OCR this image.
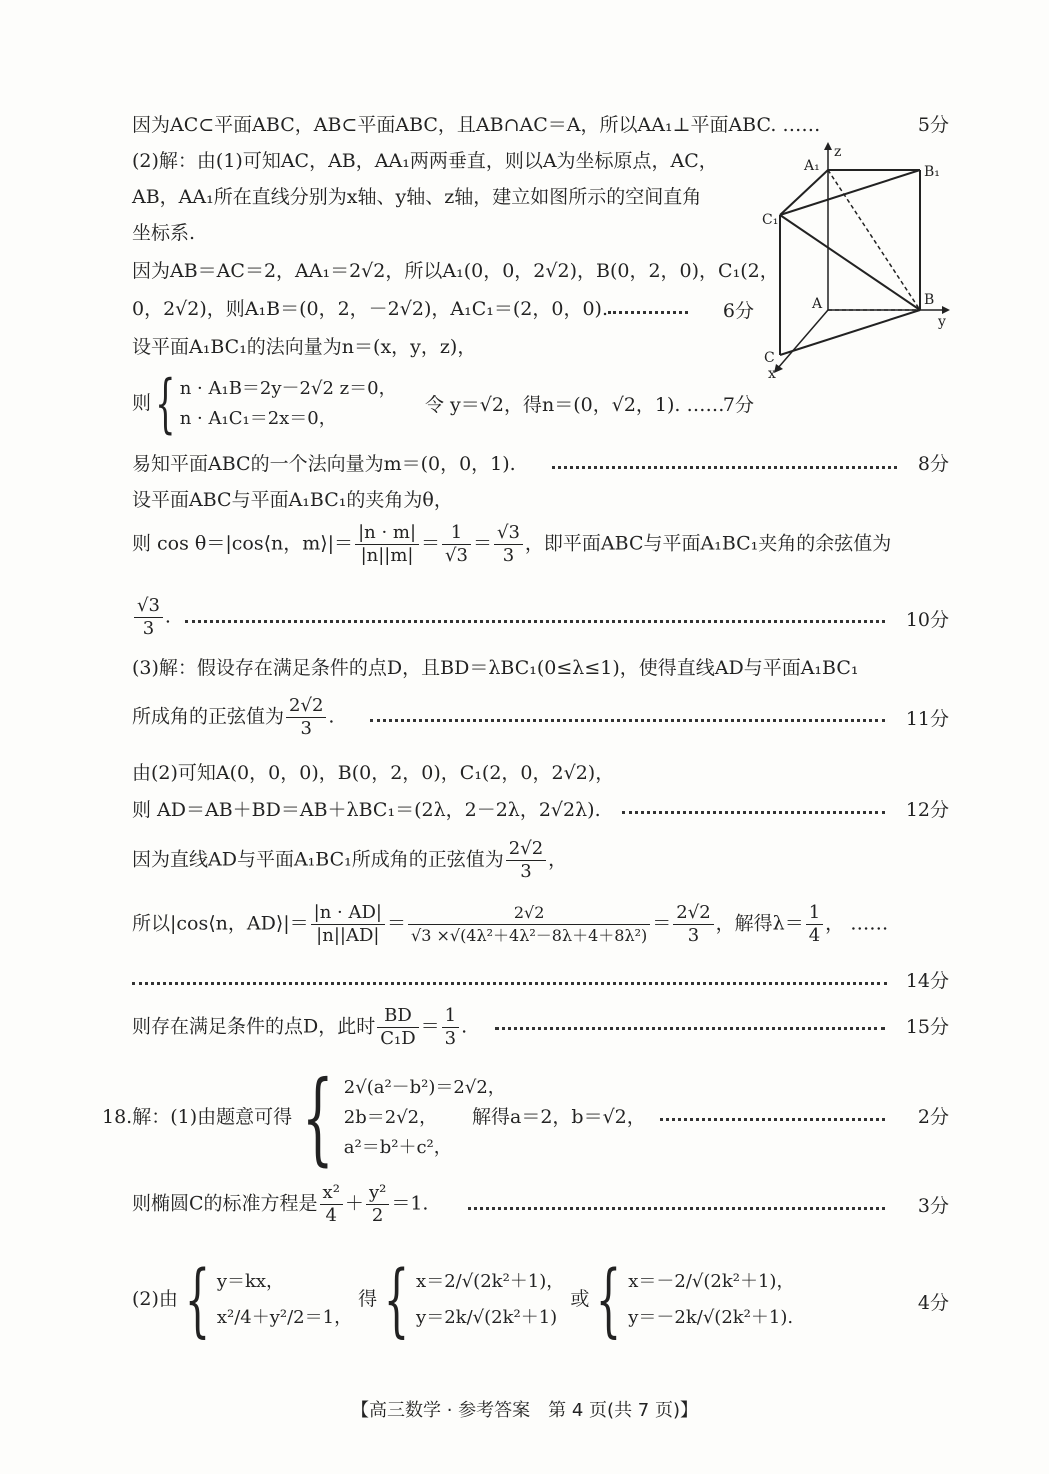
因为AC⊂平面ABC，AB⊂平面ABC，且AB∩AC＝A，所以AA₁⊥平面ABC. ……	5分
(2)解：由(1)可知AC，AB，AA₁两两垂直，则以A为坐标原点，AC，
AB，AA₁所在直线分别为x轴、y轴、z轴，建立如图所示的空间直角
坐标系.
A₁
z
B₁
C₁
A	B
y
C
x
因为AB＝AC＝2，AA₁＝2√2，所以A₁(0，0，2√2)，B(0，2，0)，C₁(2，
0，2√2)，则A₁B＝(0，2，－2√2)，A₁C₁＝(2，0，0).	6分
设平面A₁BC₁的法向量为n＝(x，y，z)，
则{ n · A₁B＝2y－2√2 z＝0，
n · A₁C₁＝2x＝0，
令 y＝√2，得n＝(0，√2，1). ……
7分
易知平面ABC的一个法向量为m＝(0，0，1).	8分
设平面ABC与平面A₁BC₁的夹角为θ，
则 cos θ＝|cos⟨n，m⟩|＝ $\frac{|n \cdot m|}{|n||m|} = \frac{1}{√3} = \frac{√3}{3}$ ，即平面ABC与平面A₁BC₁夹角的余弦值为
$\frac{√3}{3}$ .	10分
(3)解：假设存在满足条件的点D，且BD＝λBC₁(0≤λ≤1)，使得直线AD与平面A₁BC₁
所成角的正弦值为 $\frac{2√2}{3}$ .	11分
由(2)可知A(0，0，0)，B(0，2，0)，C₁(2，0，2√2)，
则 AD＝AB＋BD＝AB＋λBC₁＝(2λ，2－2λ，2√2λ).	12分
因为直线AD与平面A₁BC₁所成角的正弦值为 $\frac{2√2}{3}$ ，
所以|cos⟨n，AD⟩|＝ $\frac{|n \cdot AD|}{|n||AD|} = \frac{2√2}{\text{√3 ×√(4λ²＋4λ²－8λ＋4＋8λ²)}} = \frac{2√2}{3}$ ，解得$\lambda= \frac{1}{4}$ ， ……
14分
则存在满足条件的点D，此时 $\frac{BD}{\text{C₁D}} = \frac{1}{3}$ .	15分
18.解：(1)由题意可得{ 2√(a²－b²)＝2√2，
2b＝2√2，
a²＝b²＋c²，
解得a＝2，b＝√2，	2分
则椭圆C的标准方程是 $\frac{\text{x²}}{4} + \frac{\text{y²}}{2} =1$.	3分
(2)由{ y＝kx，
x²/4＋y²/2＝1，
得{ x＝2/√(2k²＋1)，
y＝2k/√(2k²＋1)
或{ x＝－2/√(2k²＋1)，
y＝－2k/√(2k²＋1).
4分
【高三数学 · 参考答案　第 4 页(共 7 页)】
